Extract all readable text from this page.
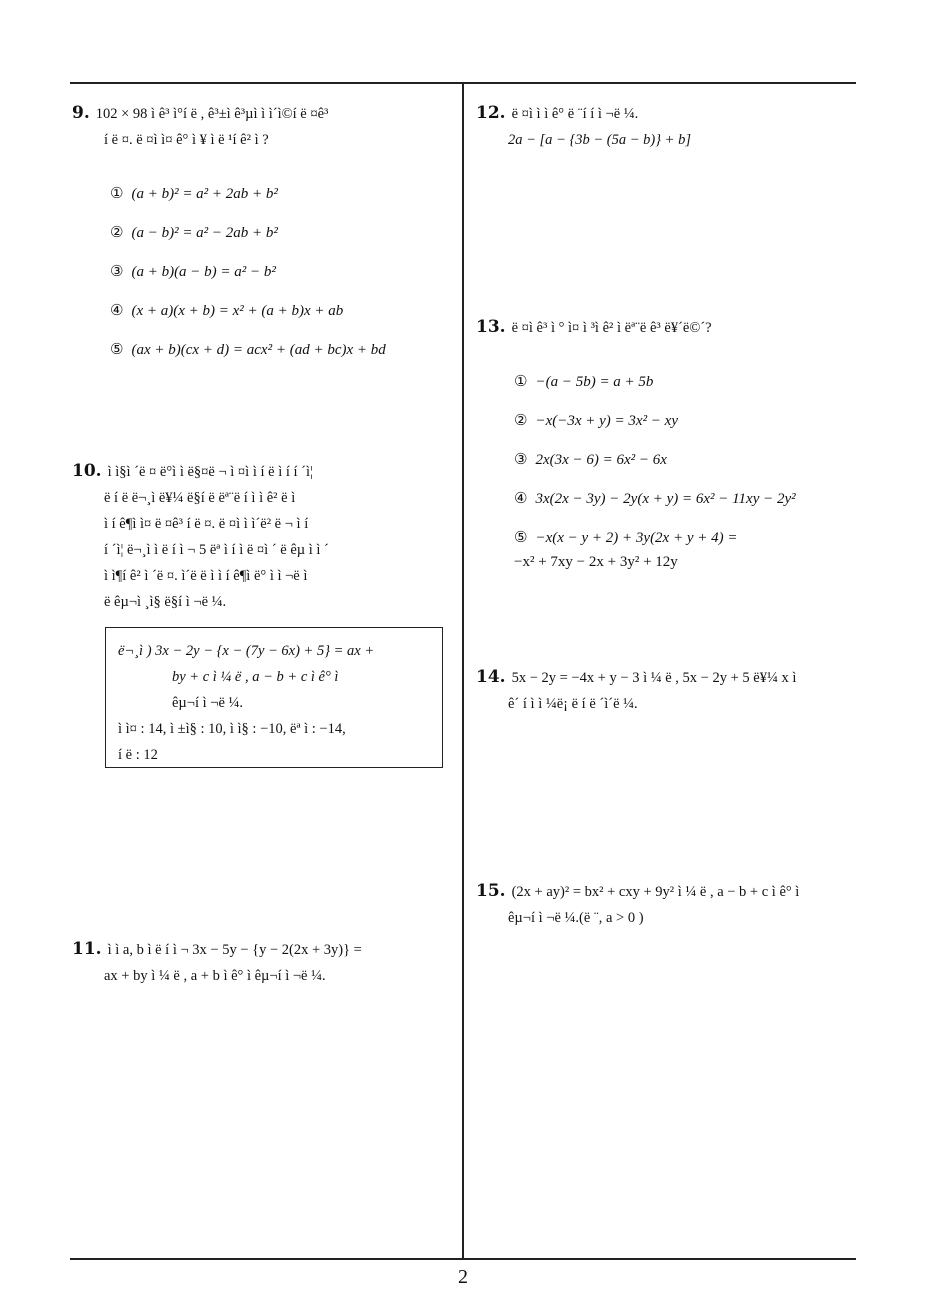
9. 102 × 98 ì ê³ ì°í ë , ê³±ì ê³µì ì ì´ì©í ë ¤ê³
í ë ¤. ë ¤ì ì¤ ê° ì ¥ ì ë ¹í ê² ì ?
① (a + b)² = a² + 2ab + b²
② (a − b)² = a² − 2ab + b²
③ (a + b)(a − b) = a² − b²
④ (x + a)(x + b) = x² + (a + b)x + ab
⑤ (ax + b)(cx + d) = acx² + (ad + bc)x + bd
10. ì ì§ì ´ë ¤ ë°ì ì ë§¤ë ¬ ì ¤ì ì í ë ì í í ´ì¦
ë í ë ë¬¸ì ë¥¼ ë§í ë ëª¨ë í ì ì ê² ë ì
ì í ê¶ì ì¤ ë ¤ê³ í ë ¤. ë ¤ì ì ì´ë² ë ¬ ì í
í ´ì¦ ë¬¸ì ì ë í ì ¬ 5 ëª ì í ì ë ¤ì ´ ë êµ ì ì ´
ì ì¶í ê² ì ´ë ¤. ì´ë ë ì ì í ê¶ì ë° ì ì ¬ë ì
ë êµ¬ì ¸ì§ ë§í ì ¬ë ¼.
ë¬¸ì ) 3x − 2y − {x − (7y − 6x) + 5} = ax +
by + c ì ¼ ë , a − b + c ì ê° ì
êµ¬í ì ¬ë ¼.
ì ì¤ : 14, ì ±ì§ : 10, ì ì§ : −10, ëª ì : −14,
í ë : 12
11. ì ì a, b ì ë í ì ¬ 3x − 5y − {y − 2(2x + 3y)} =
ax + by ì ¼ ë , a + b ì ê° ì êµ¬í ì ¬ë ¼.
12. ë ¤ì ì ì ê° ë ¨í í ì ¬ë ¼.
2a − [a − {3b − (5a − b)} + b]
13. ë ¤ì ê³ ì ° ì¤ ì ³ì ê² ì ëª¨ë ê³ ë¥´ë©´?
① −(a − 5b) = a + 5b
② −x(−3x + y) = 3x² − xy
③ 2x(3x − 6) = 6x² − 6x
④ 3x(2x − 3y) − 2y(x + y) = 6x² − 11xy − 2y²
⑤ −x(x − y + 2) + 3y(2x + y + 4) =
−x² + 7xy − 2x + 3y² + 12y
14. 5x − 2y = −4x + y − 3 ì ¼ ë , 5x − 2y + 5 ë¥¼ x ì
ê´ í ì ì ¼ë¡ ë í ë ´ì´ë ¼.
15. (2x + ay)² = bx² + cxy + 9y² ì ¼ ë , a − b + c ì ê° ì
êµ¬í ì ¬ë ¼.(ë ¨, a > 0 )
2
